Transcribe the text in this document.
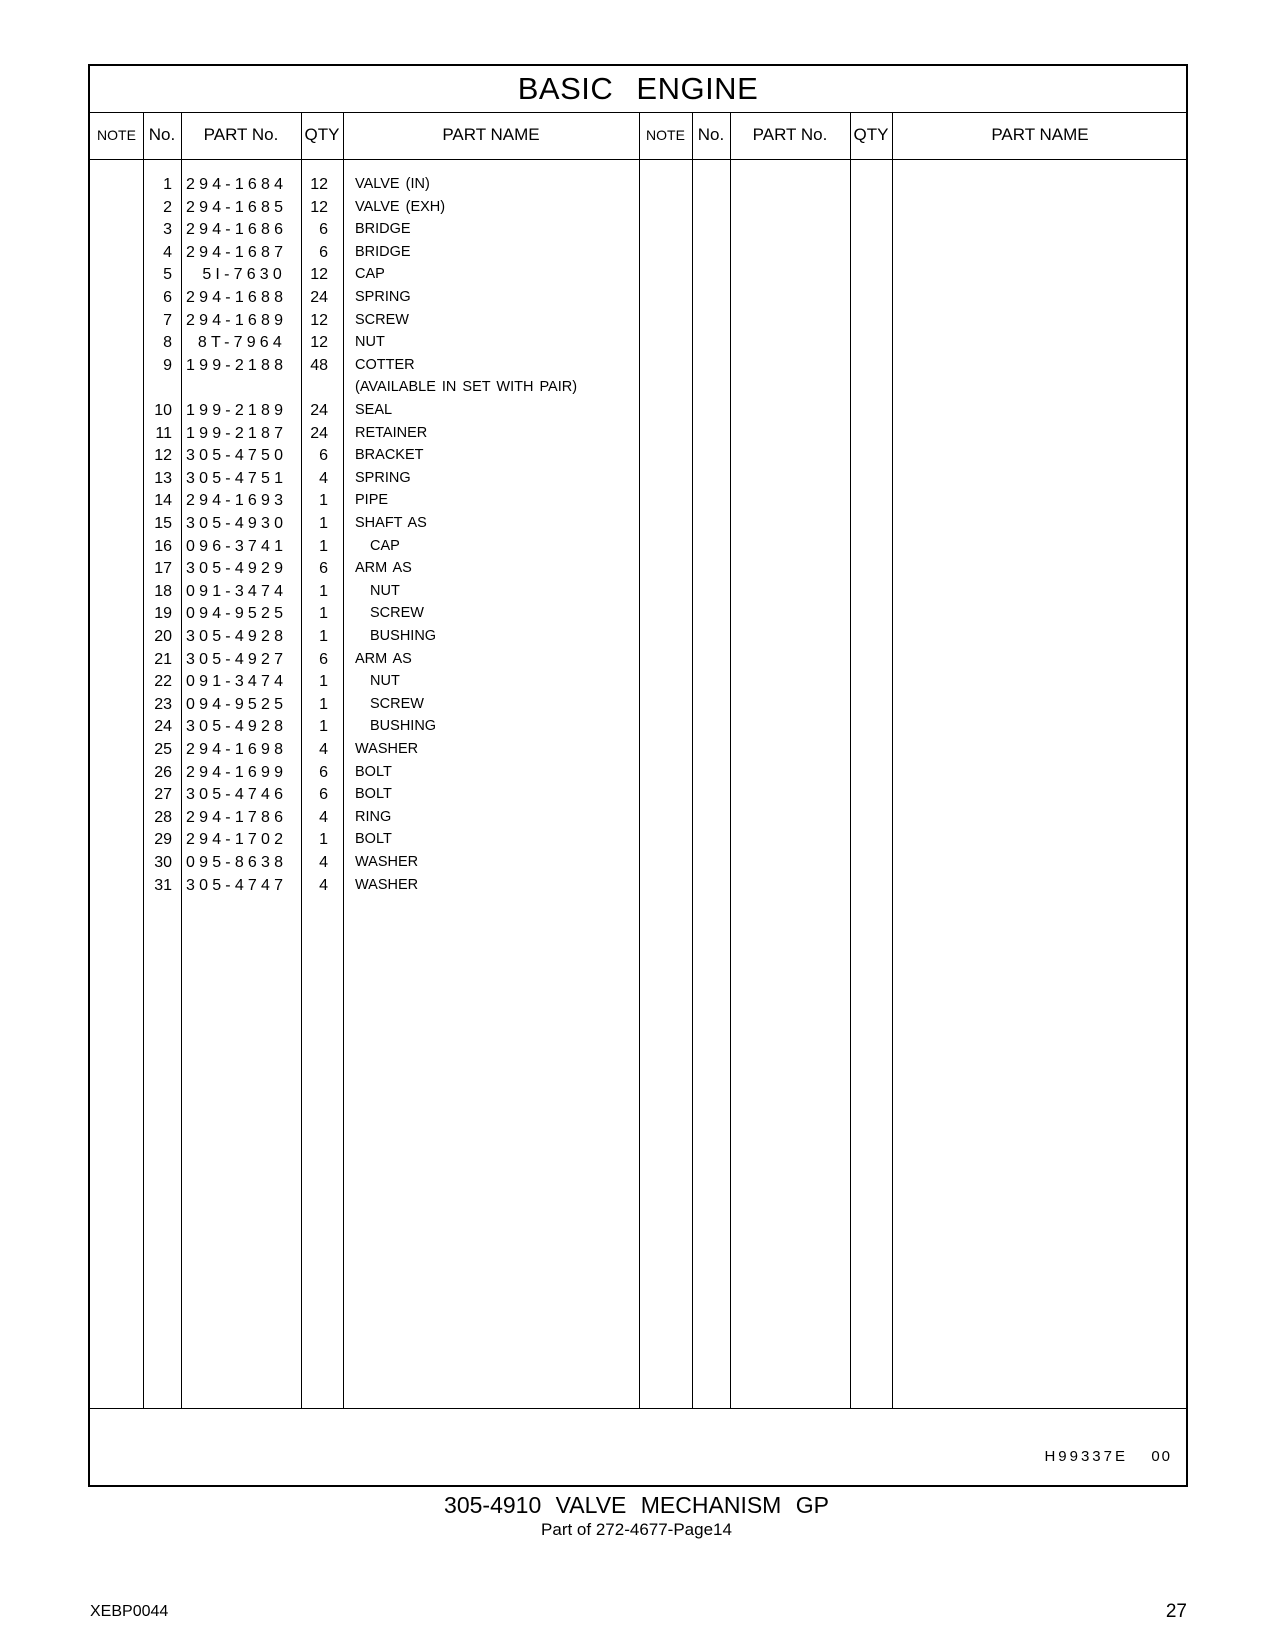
BASIC ENGINE
NOTE No.	PART No.	QTY	PART NAME	NOTE No.	PART No.	QTY	PART NAME
1 294-1684	12 VALVE (IN)
2 294-1685	12 VALVE (EXH)
3 294-1686	6 BRIDGE
4 294-1687	6 BRIDGE
5	5I-7630	12 CAP
6 294-1688	24 SPRING
7 294-1689	12 SCREW
8	8T-7964	12 NUT
9 199-2188	48 COTTER
(AVAILABLE IN SET WITH PAIR)
10 199-2189	24 SEAL
11 199-2187	24 RETAINER
12 305-4750	6 BRACKET
13 305-4751	4 SPRING
14 294-1693	1 PIPE
15 305-4930	1 SHAFT AS
16 096-3741	1	CAP
17 305-4929	6 ARM AS
18 091-3474	1	NUT
19 094-9525	1	SCREW
20 305-4928	1	BUSHING
21 305-4927	6 ARM AS
22 091-3474	1	NUT
23 094-9525	1	SCREW
24 305-4928	1	BUSHING
25 294-1698	4 WASHER
26 294-1699	6 BOLT
27 305-4746	6 BOLT
28 294-1786	4 RING
29 294-1702	1 BOLT
30 095-8638	4 WASHER
31 305-4747	4 WASHER
H99337E 00
305-4910 VALVE MECHANISM GP
Part of 272-4677-Page14
XEBP0044	27
